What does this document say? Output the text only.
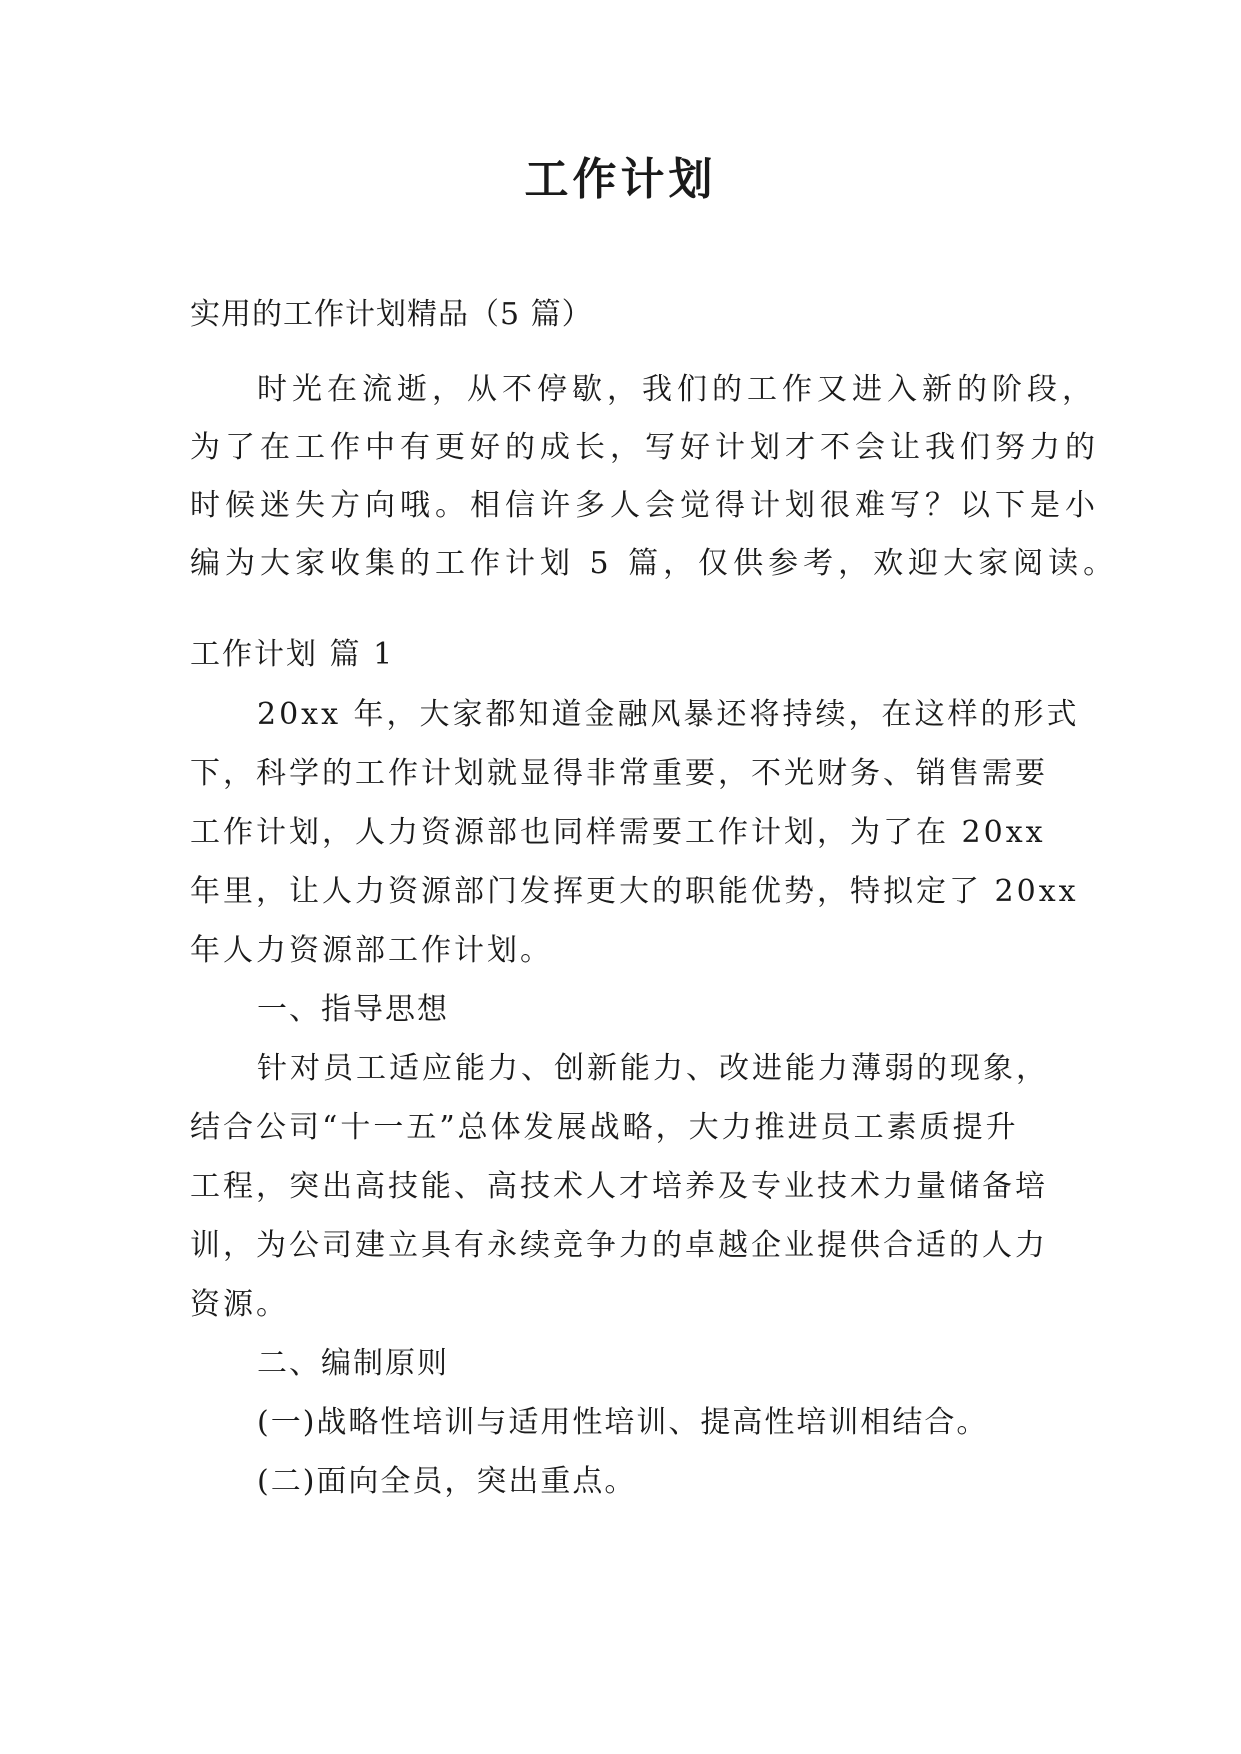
工作计划
实用的工作计划精品（5 篇）
时光在流逝，从不停歇，我们的工作又进入新的阶段，
为了在工作中有更好的成长，写好计划才不会让我们努力的
时候迷失方向哦。相信许多人会觉得计划很难写？以下是小
编为大家收集的工作计划 5 篇，仅供参考，欢迎大家阅读。
工作计划 篇 1
20xx 年，大家都知道金融风暴还将持续，在这样的形式
下，科学的工作计划就显得非常重要，不光财务、销售需要
工作计划，人力资源部也同样需要工作计划，为了在 20xx
年里，让人力资源部门发挥更大的职能优势，特拟定了 20xx
年人力资源部工作计划。
一、指导思想
针对员工适应能力、创新能力、改进能力薄弱的现象，
结合公司“十一五”总体发展战略，大力推进员工素质提升
工程，突出高技能、高技术人才培养及专业技术力量储备培
训，为公司建立具有永续竞争力的卓越企业提供合适的人力
资源。
二、编制原则
(一)战略性培训与适用性培训、提高性培训相结合。
(二)面向全员，突出重点。
